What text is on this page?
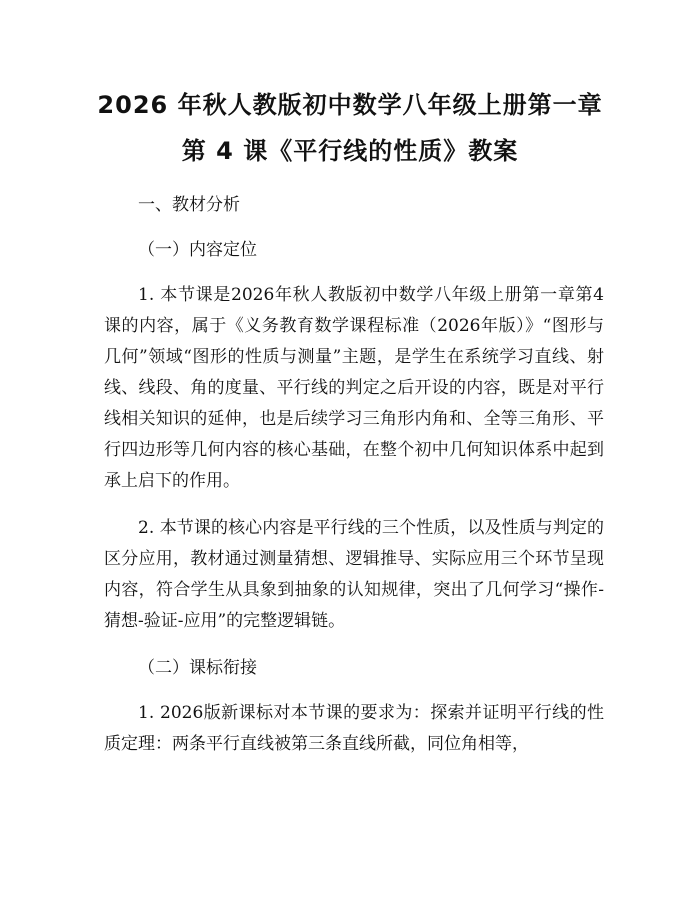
2026 年秋人教版初中数学八年级上册第一章
第 4 课《平行线的性质》教案

一、教材分析

（一）内容定位

1. 本节课是2026年秋人教版初中数学八年级上册第一章第4课的内容，属于《义务教育数学课程标准（2026年版）》“图形与几何”领域“图形的性质与测量”主题，是学生在系统学习直线、射线、线段、角的度量、平行线的判定之后开设的内容，既是对平行线相关知识的延伸，也是后续学习三角形内角和、全等三角形、平行四边形等几何内容的核心基础，在整个初中几何知识体系中起到承上启下的作用。

2. 本节课的核心内容是平行线的三个性质，以及性质与判定的区分应用，教材通过测量猜想、逻辑推导、实际应用三个环节呈现内容，符合学生从具象到抽象的认知规律，突出了几何学习“操作-猜想-验证-应用”的完整逻辑链。

（二）课标衔接

1. 2026版新课标对本节课的要求为：探索并证明平行线的性质定理：两条平行直线被第三条直线所截，同位角相等，
